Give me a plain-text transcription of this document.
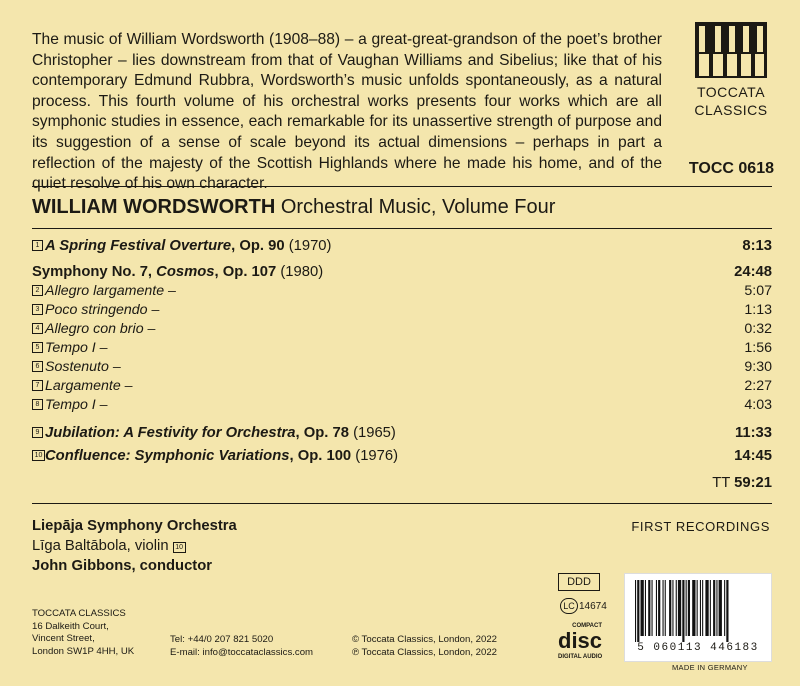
The music of William Wordsworth (1908–88) – a great-great-grandson of the poet’s brother Christopher – lies downstream from that of Vaughan Williams and Sibelius; like that of his contemporary Edmund Rubbra, Wordsworth’s music unfolds spontaneously, as a natural process. This fourth volume of his orchestral works presents four works which are all symphonic studies in essence, each remarkable for its unassertive strength of purpose and its suggestion of a sense of scale beyond its actual dimensions – perhaps in part a reflection of the majesty of the Scottish Highlands where he made his home, and of the quiet resolve of his own character.

TOCCATA
CLASSICS
TOCC 0618
WILLIAM WORDSWORTH Orchestral Music, Volume Four
1 A Spring Festival Overture, Op. 90 (1970)	8:13
Symphony No. 7, Cosmos, Op. 107 (1980)	24:48
2 Allegro largamente –	5:07
3 Poco stringendo –	1:13
4 Allegro con brio –	0:32
5 Tempo I –	1:56
6 Sostenuto –	9:30
7 Largamente –	2:27
8 Tempo I –	4:03
9 Jubilation: A Festivity for Orchestra, Op. 78 (1965)	11:33
10 Confluence: Symphonic Variations, Op. 100 (1976)	14:45
TT 59:21
Liepāja Symphony Orchestra
Līga Baltābola, violin 10
John Gibbons, conductor
FIRST RECORDINGS
TOCCATA CLASSICS
16 Dalkeith Court,
Vincent Street,
London SW1P 4HH, UK
Tel: +44/0 207 821 5020
E-mail: info@toccataclassics.com
© Toccata Classics, London, 2022
℗ Toccata Classics, London, 2022
DDD
LC 14674
COMPACT
disc
DIGITAL AUDIO
5 060113 446183
MADE IN GERMANY
